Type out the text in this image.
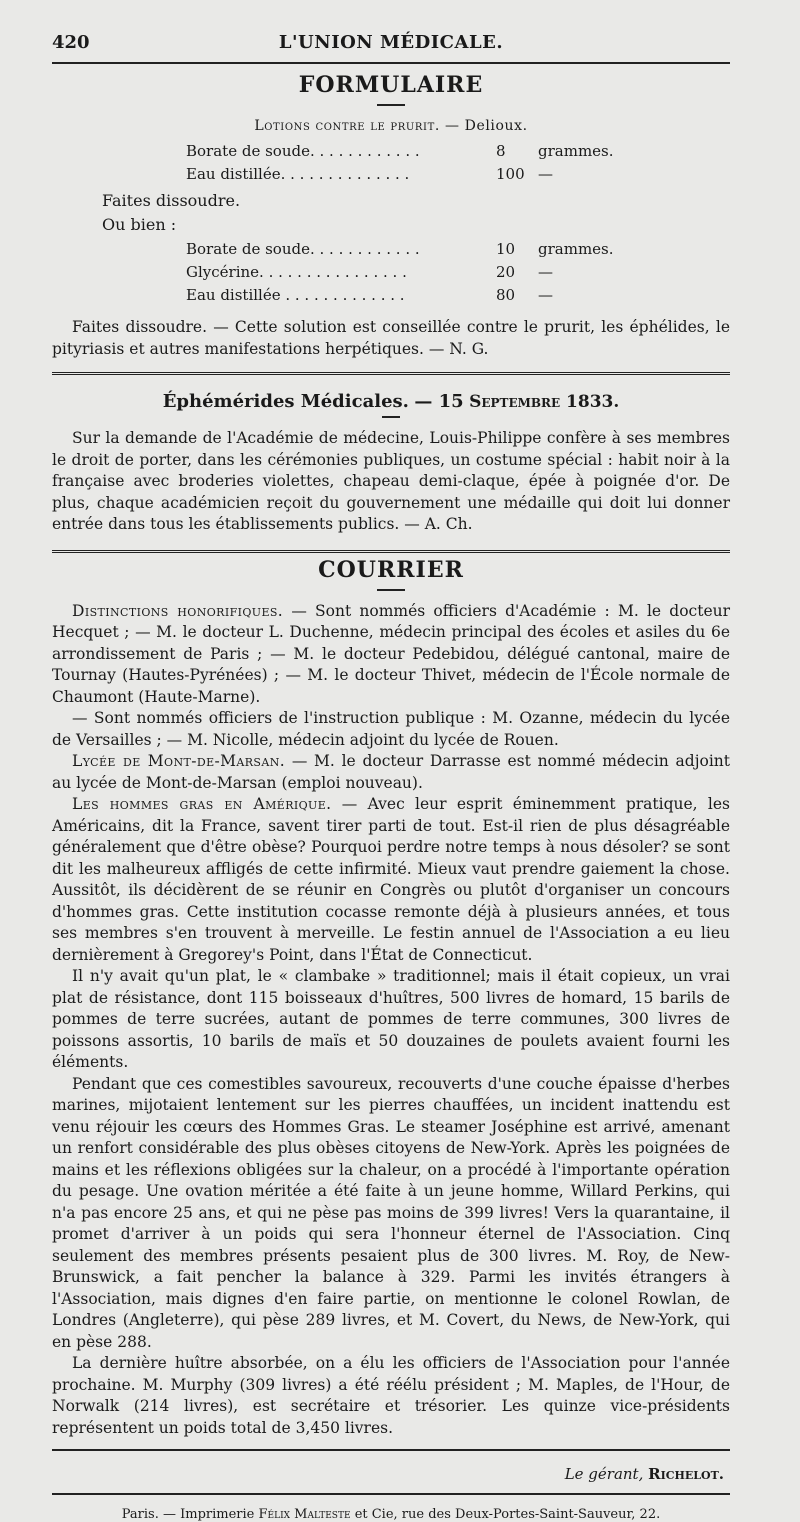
420	L'UNION MÉDICALE.
FORMULAIRE
Lotions contre le prurit. — Delioux.
Borate de soude. . . . . . . . . . . .	8	grammes.
Eau distillée. . . . . . . . . . . . . .	100	—
Faites dissoudre.
Ou bien :
Borate de soude. . . . . . . . . . . .	10	grammes.
Glycérine. . . . . . . . . . . . . . . .	20	—
Eau distillée . . . . . . . . . . . . .	80	—

Faites dissoudre. — Cette solution est conseillée contre le prurit, les éphélides, le pityriasis et autres manifestations herpétiques. — N. G.

Éphémérides Médicales. — 15 Septembre 1833.

Sur la demande de l'Académie de médecine, Louis-Philippe confère à ses membres le droit de porter, dans les cérémonies publiques, un costume spécial : habit noir à la française avec broderies violettes, chapeau demi-claque, épée à poignée d'or. De plus, chaque académicien reçoit du gouvernement une médaille qui doit lui donner entrée dans tous les établissements publics. — A. Ch.

COURRIER

Distinctions honorifiques. — Sont nommés officiers d'Académie : M. le docteur Hecquet ; — M. le docteur L. Duchenne, médecin principal des écoles et asiles du 6e arrondissement de Paris ; — M. le docteur Pedebidou, délégué cantonal, maire de Tournay (Hautes-Pyrénées) ; — M. le docteur Thivet, médecin de l'École normale de Chaumont (Haute-Marne).

— Sont nommés officiers de l'instruction publique : M. Ozanne, médecin du lycée de Versailles ; — M. Nicolle, médecin adjoint du lycée de Rouen.

Lycée de Mont-de-Marsan. — M. le docteur Darrasse est nommé médecin adjoint au lycée de Mont-de-Marsan (emploi nouveau).

Les hommes gras en Amérique. — Avec leur esprit éminemment pratique, les Américains, dit la France, savent tirer parti de tout. Est-il rien de plus désagréable généralement que d'être obèse? Pourquoi perdre notre temps à nous désoler? se sont dit les malheureux affligés de cette infirmité. Mieux vaut prendre gaiement la chose. Aussitôt, ils décidèrent de se réunir en Congrès ou plutôt d'organiser un concours d'hommes gras. Cette institution cocasse remonte déjà à plusieurs années, et tous ses membres s'en trouvent à merveille. Le festin annuel de l'Association a eu lieu dernièrement à Gregorey's Point, dans l'État de Connecticut.

Il n'y avait qu'un plat, le « clambake » traditionnel; mais il était copieux, un vrai plat de résistance, dont 115 boisseaux d'huîtres, 500 livres de homard, 15 barils de pommes de terre sucrées, autant de pommes de terre communes, 300 livres de poissons assortis, 10 barils de maïs et 50 douzaines de poulets avaient fourni les éléments.

Pendant que ces comestibles savoureux, recouverts d'une couche épaisse d'herbes marines, mijotaient lentement sur les pierres chauffées, un incident inattendu est venu réjouir les cœurs des Hommes Gras. Le steamer Joséphine est arrivé, amenant un renfort considérable des plus obèses citoyens de New-York. Après les poignées de mains et les réflexions obligées sur la chaleur, on a procédé à l'importante opération du pesage. Une ovation méritée a été faite à un jeune homme, Willard Perkins, qui n'a pas encore 25 ans, et qui ne pèse pas moins de 399 livres! Vers la quarantaine, il promet d'arriver à un poids qui sera l'honneur éternel de l'Association. Cinq seulement des membres présents pesaient plus de 300 livres. M. Roy, de New-Brunswick, a fait pencher la balance à 329. Parmi les invités étrangers à l'Association, mais dignes d'en faire partie, on mentionne le colonel Rowlan, de Londres (Angleterre), qui pèse 289 livres, et M. Covert, du News, de New-York, qui en pèse 288.

La dernière huître absorbée, on a élu les officiers de l'Association pour l'année prochaine. M. Murphy (309 livres) a été réélu président ; M. Maples, de l'Hour, de Norwalk (214 livres), est secrétaire et trésorier. Les quinze vice-présidents représentent un poids total de 3,450 livres.

Le gérant, Richelot.
Paris. — Imprimerie Félix Malteste et Cie, rue des Deux-Portes-Saint-Sauveur, 22.
